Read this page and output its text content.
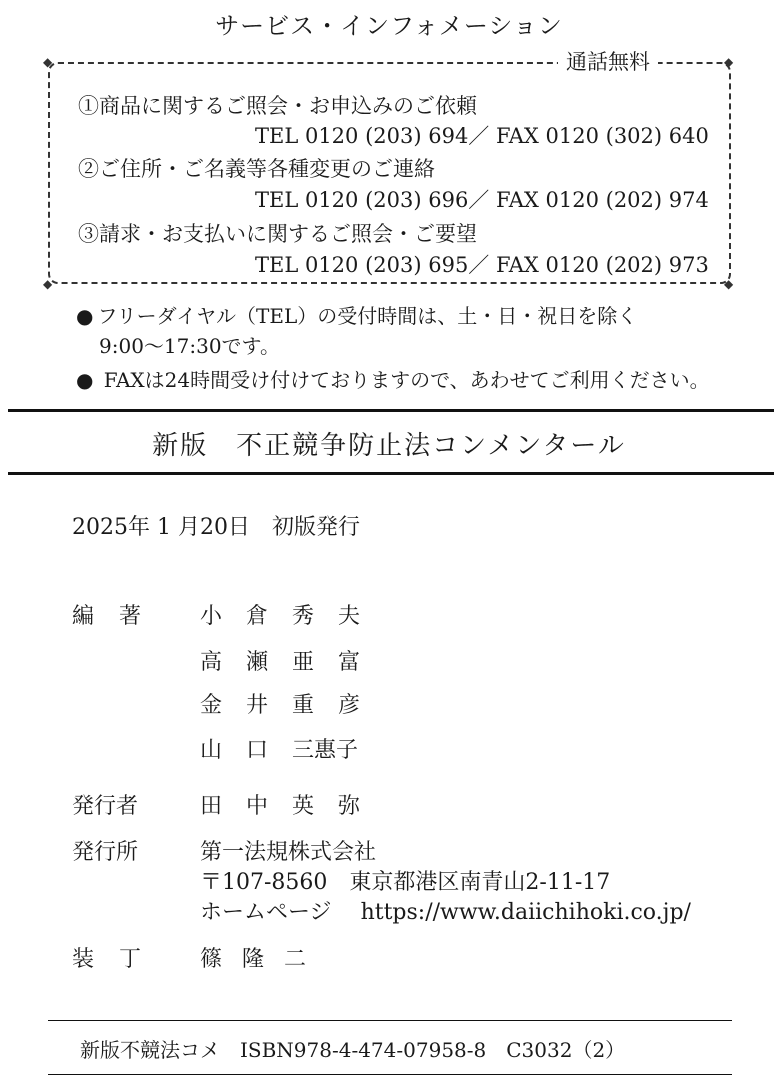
サービス・インフォメーション
◆	◆
◆	◆
通話無料
①商品に関するご照会・お申込みのご依頼
TEL 0120 (203) 694／ FAX 0120 (302) 640
②ご住所・ご名義等各種変更のご連絡
TEL 0120 (203) 696／ FAX 0120 (202) 974
③請求・お支払いに関するご照会・ご要望
TEL 0120 (203) 695／ FAX 0120 (202) 973
● フリーダイヤル（TEL）の受付時間は、土・日・祝日を除く
9:00〜17:30です。
● FAXは24時間受け付けておりますので、あわせてご利用ください。
新版　不正競争防止法コンメンタール
2025年 1 月20日　初版発行
編著 小倉秀夫
高瀬亜富
金井重彦
山口三惠子
発行者	田中英弥
発行所	第一法規株式会社
〒107-8560　東京都港区南青山2-11-17
ホームページ https://www.daiichihoki.co.jp/
装丁 篠隆二
新版不競法コメ　ISBN978-4-474-07958-8　C3032（2）
